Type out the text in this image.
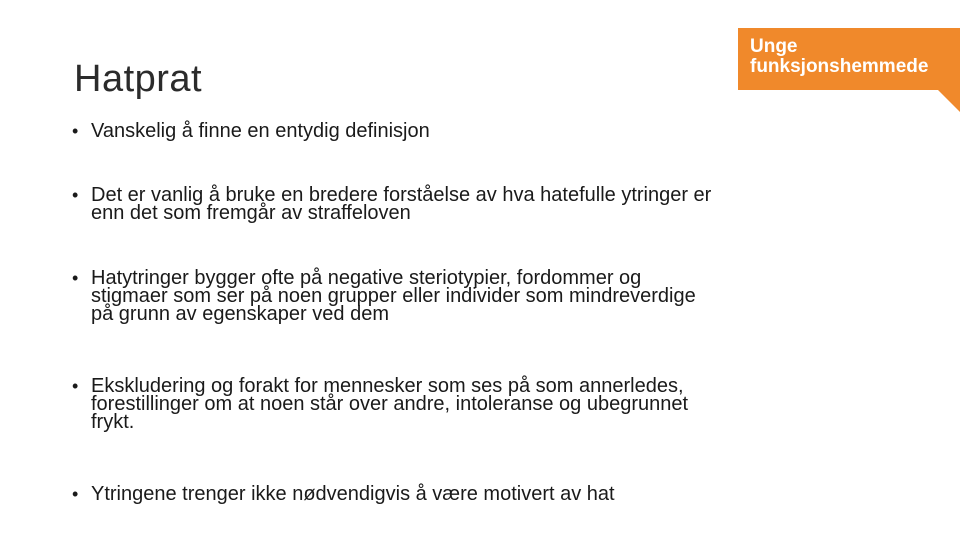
Hatprat
Unge
funksjonshemmede
• Vanskelig å finne en entydig definisjon
• Det er vanlig å bruke en bredere forståelse av hva hatefulle ytringer er
enn det som fremgår av straffeloven
• Hatytringer bygger ofte på negative steriotypier, fordommer og
stigmaer som ser på noen grupper eller individer som mindreverdige
på grunn av egenskaper ved dem
• Ekskludering og forakt for mennesker som ses på som annerledes,
forestillinger om at noen står over andre, intoleranse og ubegrunnet
frykt.
• Ytringene trenger ikke nødvendigvis å være motivert av hat
